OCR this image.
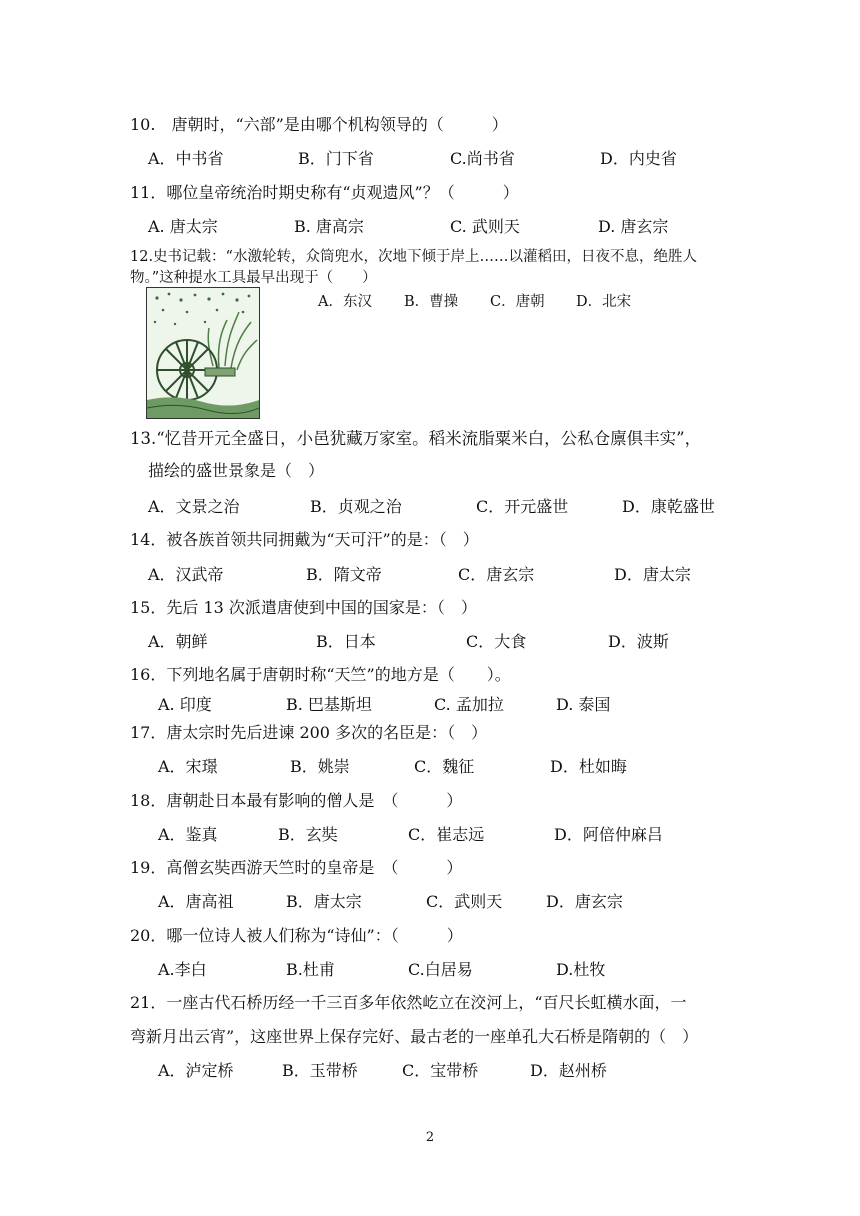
10.　唐朝时，“六部”是由哪个机构领导的（　　　）
A．中书省	B．门下省	C.尚书省	D．内史省
11．哪位皇帝统治时期史称有“贞观遗风”？（　　　）
A. 唐太宗	B. 唐高宗	C. 武则天	D. 唐玄宗
12.史书记载：“水激轮转，众筒兜水，次地下倾于岸上……以灌稻田，日夜不息，绝胜人
物。”这种提水工具最早出现于（　　）
A．东汉 B．曹操 C．唐朝 D．北宋
13.“忆昔开元全盛日，小邑犹藏万家室。稻米流脂粟米白，公私仓廪俱丰实”，
描绘的盛世景象是（　）
A．文景之治	B．贞观之治	C．开元盛世	D．康乾盛世
14．被各族首领共同拥戴为“天可汗”的是：（　）
A．汉武帝	B．隋文帝	C．唐玄宗	D．唐太宗
15．先后 13 次派遣唐使到中国的国家是：（　）
A．朝鲜	B．日本	C．大食	D．波斯
16．下列地名属于唐朝时称“天竺”的地方是（　　）。
A. 印度	B. 巴基斯坦	C. 孟加拉	D. 泰国
17．唐太宗时先后进谏 200 多次的名臣是：（　）
A．宋璟	B．姚崇	C．魏征	D．杜如晦
18．唐朝赴日本最有影响的僧人是　（　　　）
A．鉴真	B．玄奘	C．崔志远	D．阿倍仲麻吕
19．高僧玄奘西游天竺时的皇帝是　（　　　）
A．唐高祖	B．唐太宗	C．武则天	D．唐玄宗
20．哪一位诗人被人们称为“诗仙”：（　　　）
A.李白	B.杜甫	C.白居易	D.杜牧
21．一座古代石桥历经一千三百多年依然屹立在洨河上，“百尺长虹横水面，一
弯新月出云宵”，这座世界上保存完好、最古老的一座单孔大石桥是隋朝的（　）
A．泸定桥	B．玉带桥	C．宝带桥	D．赵州桥
2
